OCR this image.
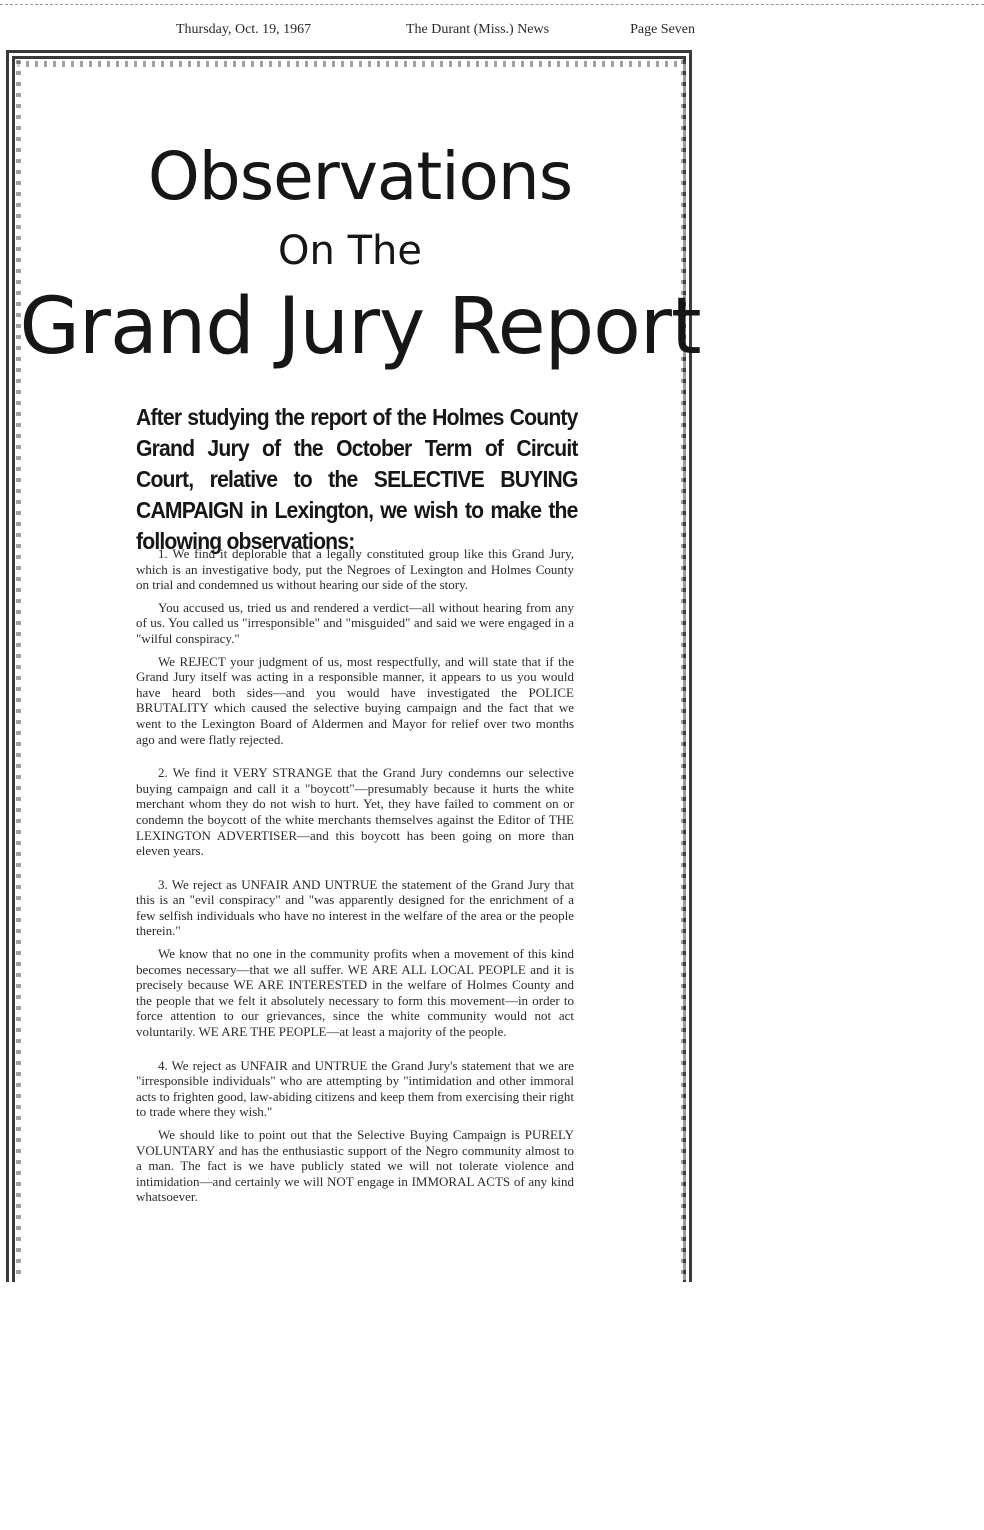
Thursday, Oct. 19, 1967	The Durant (Miss.) News	Page Seven
Observations
On The
Grand Jury Report

After studying the report of the Holmes County Grand Jury of the October Term of Circuit Court, relative to the SELECTIVE BUYING CAMPAIGN in Lexington, we wish to make the following observations:

1. We find it deplorable that a legally constituted group like this Grand Jury, which is an investigative body, put the Negroes of Lexington and Holmes County on trial and condemned us without hearing our side of the story.

You accused us, tried us and rendered a verdict—all without hearing from any of us. You called us "irresponsible" and "misguided" and said we were engaged in a "wilful conspiracy."

We REJECT your judgment of us, most respectfully, and will state that if the Grand Jury itself was acting in a responsible manner, it appears to us you would have heard both sides—and you would have investigated the POLICE BRUTALITY which caused the selective buying campaign and the fact that we went to the Lexington Board of Aldermen and Mayor for relief over two months ago and were flatly rejected.

2. We find it VERY STRANGE that the Grand Jury condemns our selective buying campaign and call it a "boycott"—presumably because it hurts the white merchant whom they do not wish to hurt. Yet, they have failed to comment on or condemn the boycott of the white merchants themselves against the Editor of THE LEXINGTON ADVERTISER—and this boycott has been going on more than eleven years.

3. We reject as UNFAIR AND UNTRUE the statement of the Grand Jury that this is an "evil conspiracy" and "was apparently designed for the enrichment of a few selfish individuals who have no interest in the welfare of the area or the people therein."

We know that no one in the community profits when a movement of this kind becomes necessary—that we all suffer. WE ARE ALL LOCAL PEOPLE and it is precisely because WE ARE INTERESTED in the welfare of Holmes County and the people that we felt it absolutely necessary to form this movement—in order to force attention to our grievances, since the white community would not act voluntarily. WE ARE THE PEOPLE—at least a majority of the people.

4. We reject as UNFAIR and UNTRUE the Grand Jury's statement that we are "irresponsible individuals" who are attempting by "intimidation and other immoral acts to frighten good, law-abiding citizens and keep them from exercising their right to trade where they wish."

We should like to point out that the Selective Buying Campaign is PURELY VOLUNTARY and has the enthusiastic support of the Negro community almost to a man. The fact is we have publicly stated we will not tolerate violence and intimidation—and certainly we will NOT engage in IMMORAL ACTS of any kind whatsoever.
